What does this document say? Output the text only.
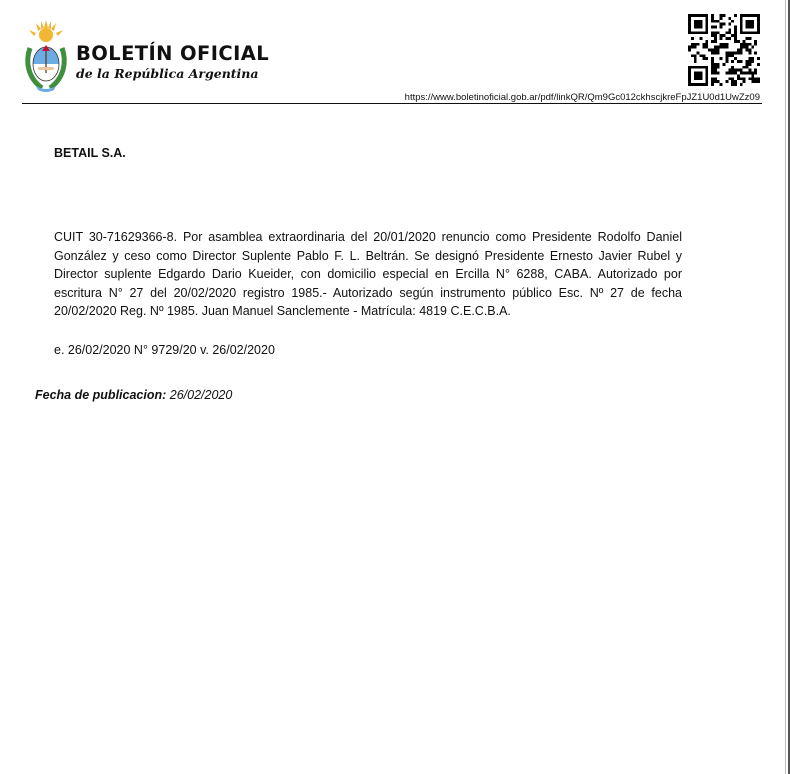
BOLETÍN OFICIAL
de la República Argentina
https://www.boletinoficial.gob.ar/pdf/linkQR/Qm9Gc012ckhscjkreFpJZ1U0d1UwZz09
BETAIL S.A.
CUIT 30-71629366-8. Por asamblea extraordinaria del 20/01/2020 renuncio como Presidente Rodolfo Daniel González y ceso como Director Suplente Pablo F. L. Beltrán. Se designó Presidente Ernesto Javier Rubel y Director suplente Edgardo Dario Kueider, con domicilio especial en Ercilla N° 6288, CABA. Autorizado por escritura N° 27 del 20/02/2020 registro 1985.- Autorizado según instrumento público Esc. Nº 27 de fecha 20/02/2020 Reg. Nº 1985. Juan Manuel Sanclemente - Matrícula: 4819 C.E.C.B.A.
e. 26/02/2020 N° 9729/20 v. 26/02/2020
Fecha de publicacion: 26/02/2020
